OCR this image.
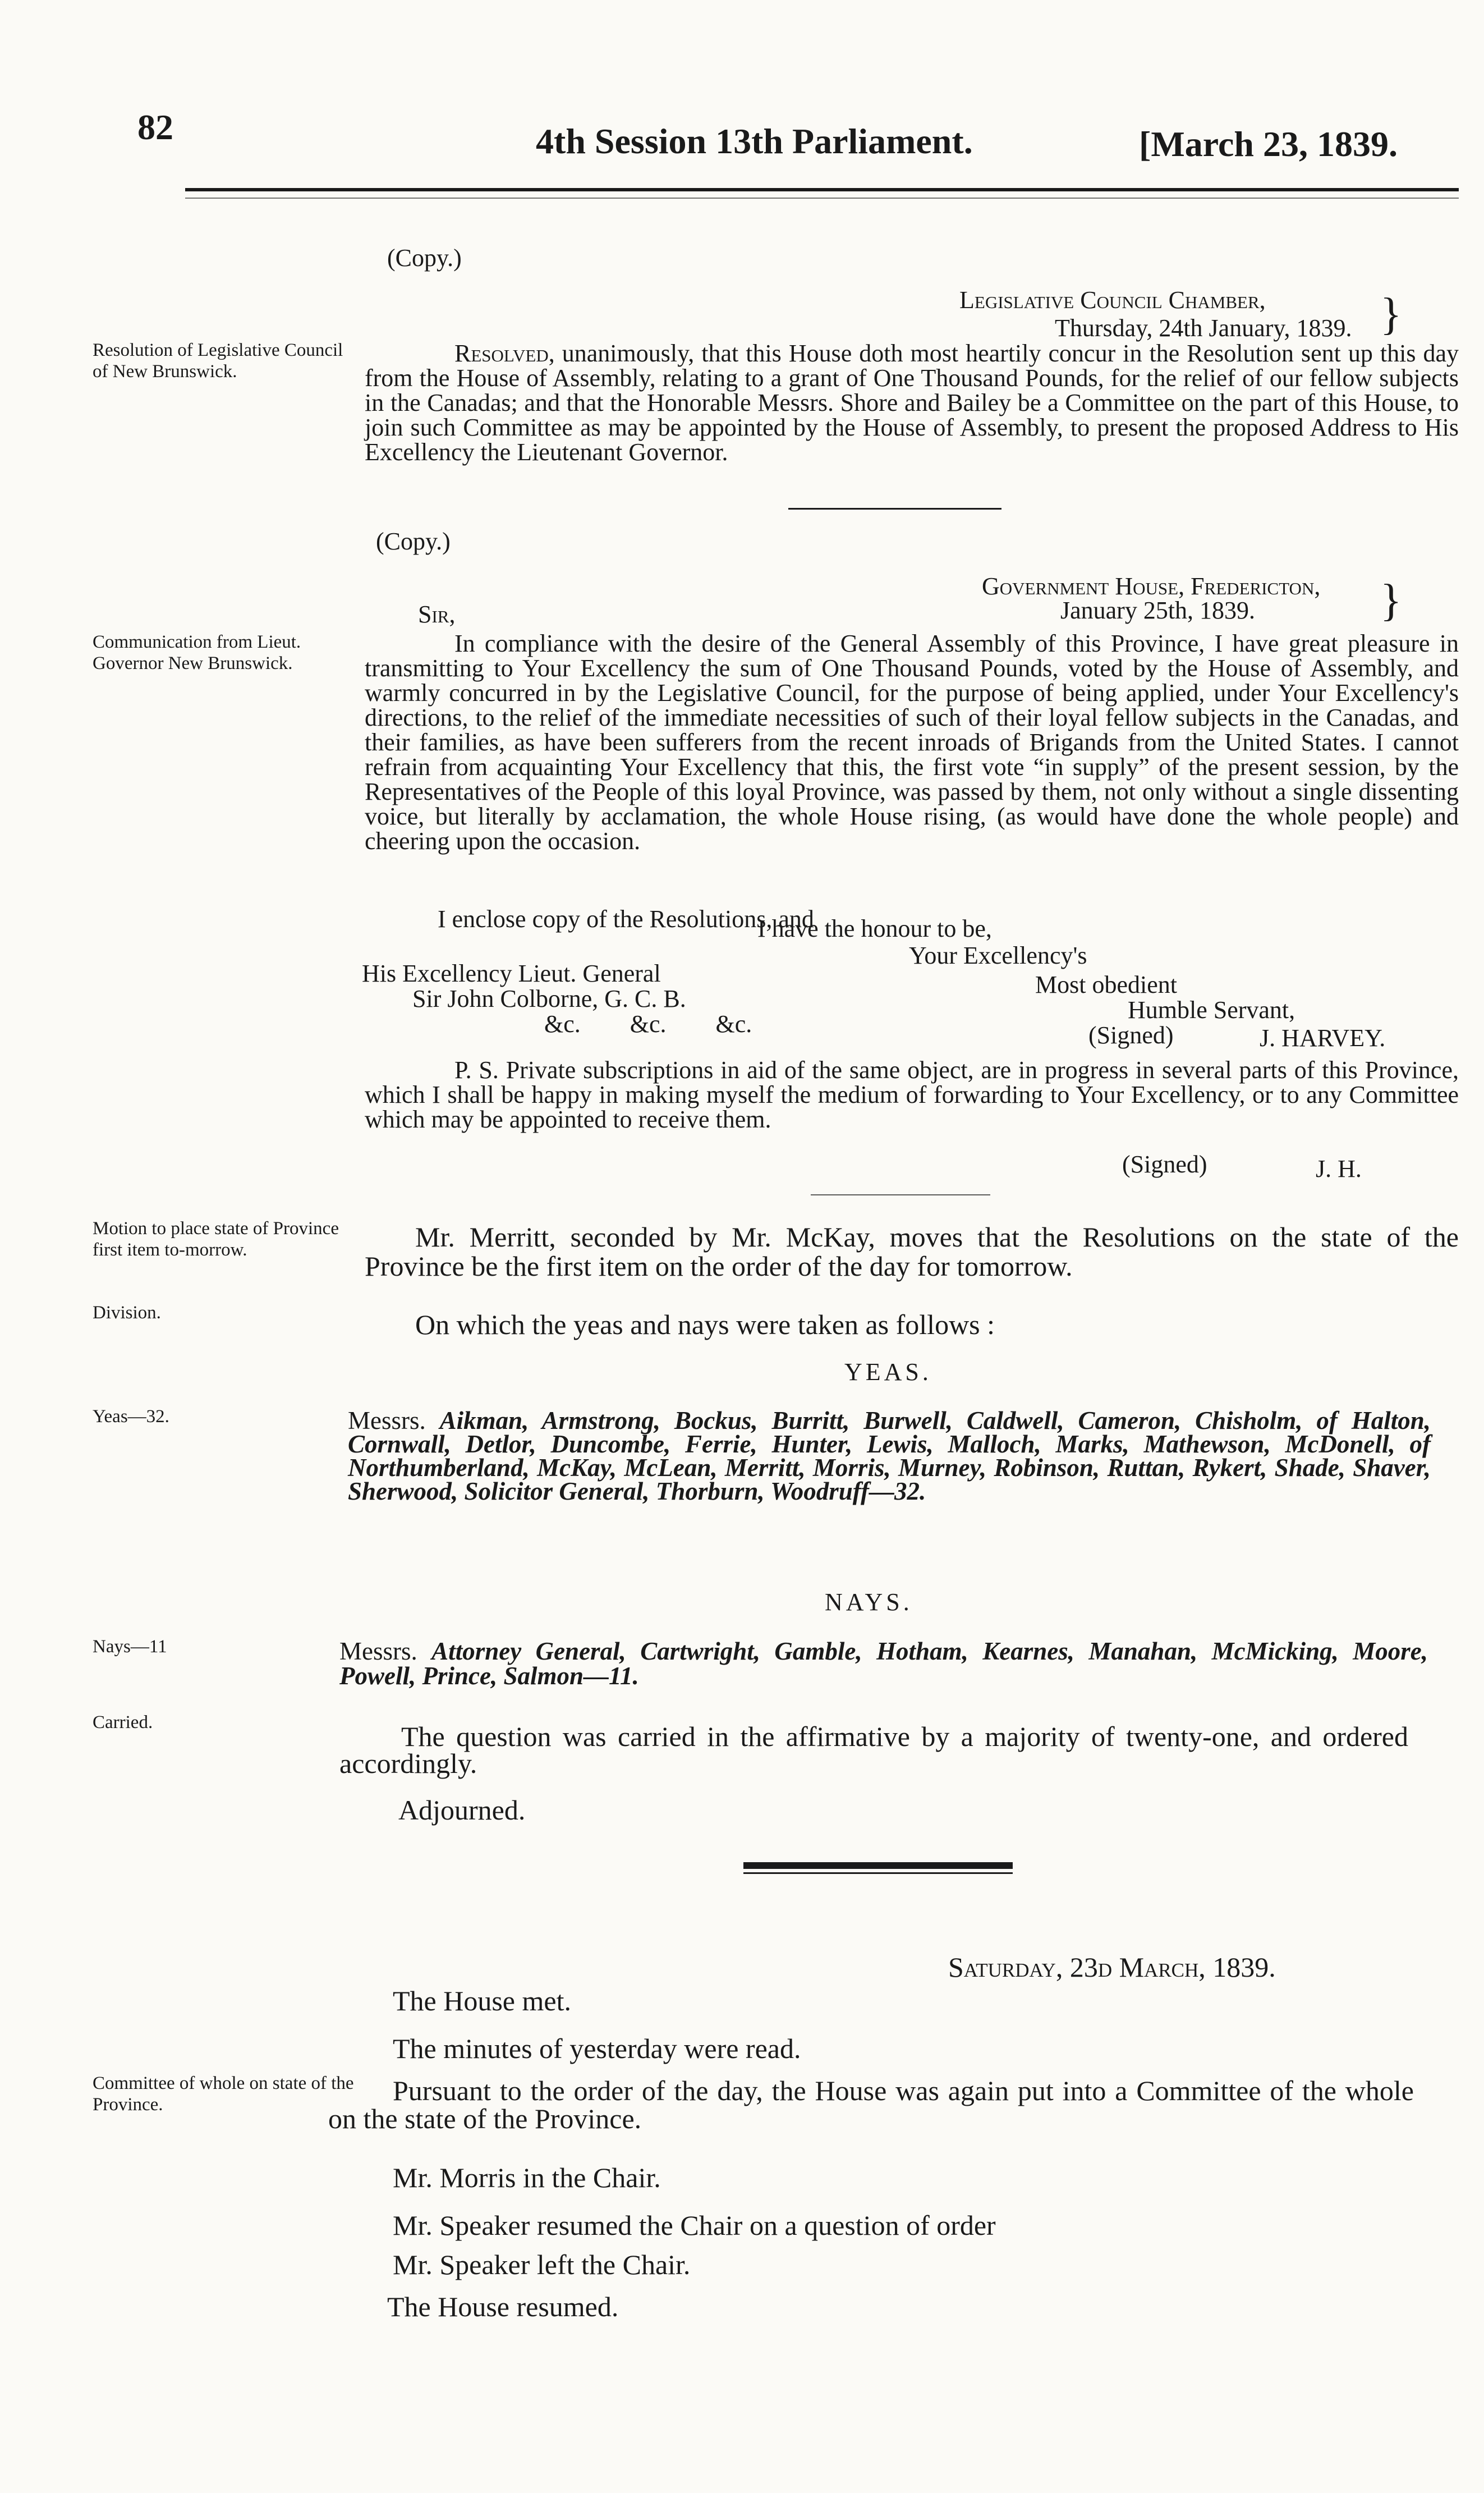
82	4th Session 13th Parliament.	[March 23, 1839.
(Copy.)
Legislative Council Chamber,
Thursday, 24th January, 1839. }
Resolution of Legislative Council of New Brunswick.
Resolved, unanimously, that this House doth most heartily concur in the Resolution sent up this day from the House of Assembly, relating to a grant of One Thousand Pounds, for the relief of our fellow subjects in the Canadas; and that the Honorable Messrs. Shore and Bailey be a Committee on the part of this House, to join such Committee as may be appointed by the House of Assembly, to present the proposed Address to His Excellency the Lieutenant Governor.
(Copy.)
Government House, Fredericton,
January 25th, 1839.	}
Sir,
Communication from Lieut. Governor New Brunswick.
In compliance with the desire of the General Assembly of this Province, I have great pleasure in transmitting to Your Excellency the sum of One Thousand Pounds, voted by the House of Assembly, and warmly concurred in by the Legislative Council, for the purpose of being applied, under Your Excellency's directions, to the relief of the immediate necessities of such of their loyal fellow subjects in the Canadas, and their families, as have been sufferers from the recent inroads of Brigands from the United States. I cannot refrain from acquainting Your Excellency that this, the first vote “in supply” of the present session, by the Representatives of the People of this loyal Province, was passed by them, not only without a single dissenting voice, but literally by acclamation, the whole House rising, (as would have done the whole people) and cheering upon the occasion.
I enclose copy of the Resolutions, and
I have the honour to be,
Your Excellency's
His Excellency Lieut. General	Most obedient
Sir John Colborne, G. C. B.	Humble Servant,
&c.        &c.        &c.	(Signed)	J. HARVEY.
P. S. Private subscriptions in aid of the same object, are in progress in several parts of this Province, which I shall be happy in making myself the medium of forwarding to Your Excellency, or to any Committee which may be appointed to receive them.
(Signed)	J. H.
Motion to place state of Province first item to-morrow.	Mr. Merritt, seconded by Mr. McKay, moves that the Resolutions on the state of the Province be the first item on the order of the day for tomorrow.
Division.	On which the yeas and nays were taken as follows :
YEAS.
Yeas—32.	Messrs. Aikman, Armstrong, Bockus, Burritt, Burwell, Caldwell, Cameron, Chisholm, of Halton, Cornwall, Detlor, Duncombe, Ferrie, Hunter, Lewis, Malloch, Marks, Mathewson, McDonell, of Northumberland, McKay, McLean, Merritt, Morris, Murney, Robinson, Ruttan, Rykert, Shade, Shaver, Sherwood, Solicitor General, Thorburn, Woodruff—32.
NAYS.
Nays—11	Messrs. Attorney General, Cartwright, Gamble, Hotham, Kearnes, Manahan, McMicking, Moore, Powell, Prince, Salmon—11.
Carried.	The question was carried in the affirmative by a majority of twenty-one, and ordered accordingly.
Adjourned.
Saturday, 23d March, 1839.
The House met.
The minutes of yesterday were read.
Committee of whole on state of the Province.	Pursuant to the order of the day, the House was again put into a Committee of the whole on the state of the Province.
Mr. Morris in the Chair.
Mr. Speaker resumed the Chair on a question of order
Mr. Speaker left the Chair.
The House resumed.
